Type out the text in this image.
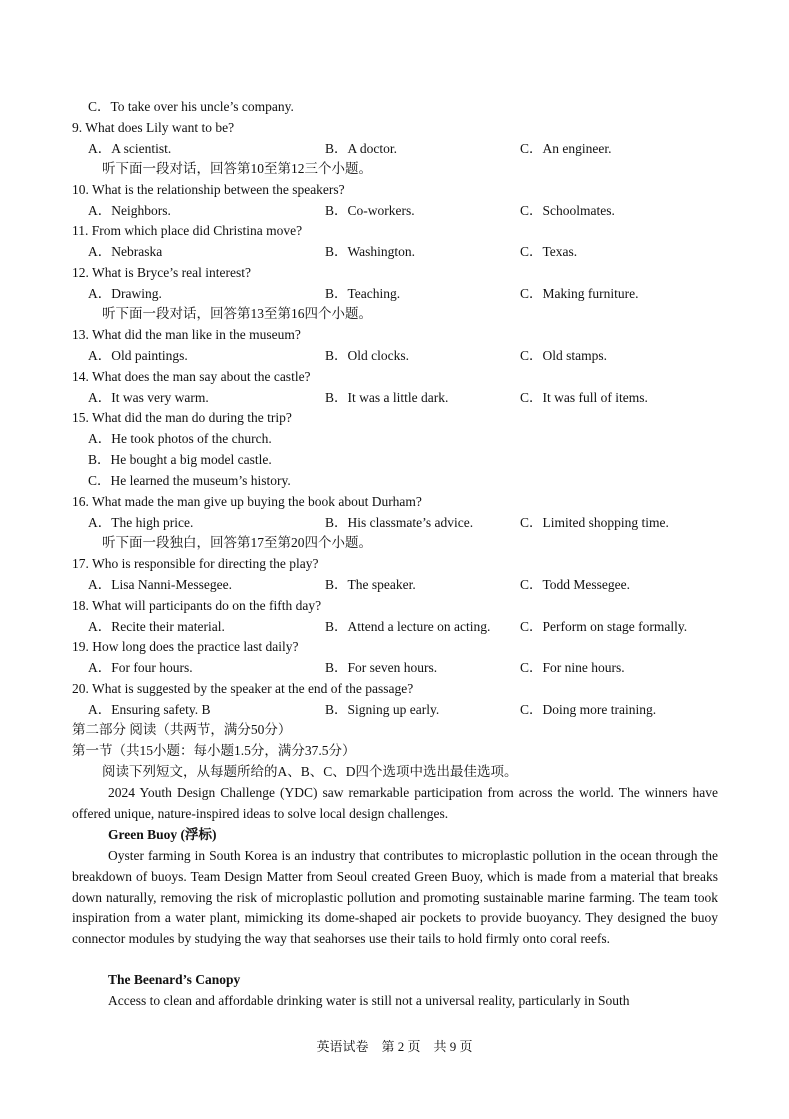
C．To take over his uncle’s company.
9. What does Lily want to be?
A．A scientist.	B．A doctor.	C．An engineer.
听下面一段对话，回答第10至第12三个小题。
10. What is the relationship between the speakers?
A．Neighbors.	B．Co-workers.	C．Schoolmates.
11. From which place did Christina move?
A．Nebraska	B．Washington.	C．Texas.
12. What is Bryce’s real interest?
A．Drawing.	B．Teaching.	C．Making furniture.
听下面一段对话，回答第13至第16四个小题。
13. What did the man like in the museum?
A．Old paintings.	B．Old clocks.	C．Old stamps.
14. What does the man say about the castle?
A．It was very warm.	B．It was a little dark.	C．It was full of items.
15. What did the man do during the trip?
A．He took photos of the church.
B．He bought a big model castle.
C．He learned the museum’s history.
16. What made the man give up buying the book about Durham?
A．The high price.	B．His classmate’s advice.	C．Limited shopping time.
听下面一段独白，回答第17至第20四个小题。
17. Who is responsible for directing the play?
A．Lisa Nanni-Messegee.	B．The speaker.	C．Todd Messegee.
18. What will participants do on the fifth day?
A．Recite their material.	B．Attend a lecture on acting. C．Perform on stage formally.
19. How long does the practice last daily?
A．For four hours.	B．For seven hours.	C．For nine hours.
20. What is suggested by the speaker at the end of the passage?
A．Ensuring safety. B	B．Signing up early.	C．Doing more training.
第二部分 阅读（共两节，满分50分）
第一节（共15小题：每小题1.5分，满分37.5分）
阅读下列短文，从每题所给的A、B、C、D四个选项中选出最佳选项。
2024 Youth Design Challenge (YDC) saw remarkable participation from across the world. The winners have offered unique, nature-inspired ideas to solve local design challenges.
Green Buoy (浮标)
Oyster farming in South Korea is an industry that contributes to microplastic pollution in the ocean through the breakdown of buoys. Team Design Matter from Seoul created Green Buoy, which is made from a material that breaks down naturally, removing the risk of microplastic pollution and promoting sustainable marine farming. The team took inspiration from a water plant, mimicking its dome-shaped air pockets to provide buoyancy. They designed the buoy connector modules by studying the way that seahorses use their tails to hold firmly onto coral reefs.
The Beenard’s Canopy
Access to clean and affordable drinking water is still not a universal reality, particularly in South
英语试卷　第 2 页　共 9 页
